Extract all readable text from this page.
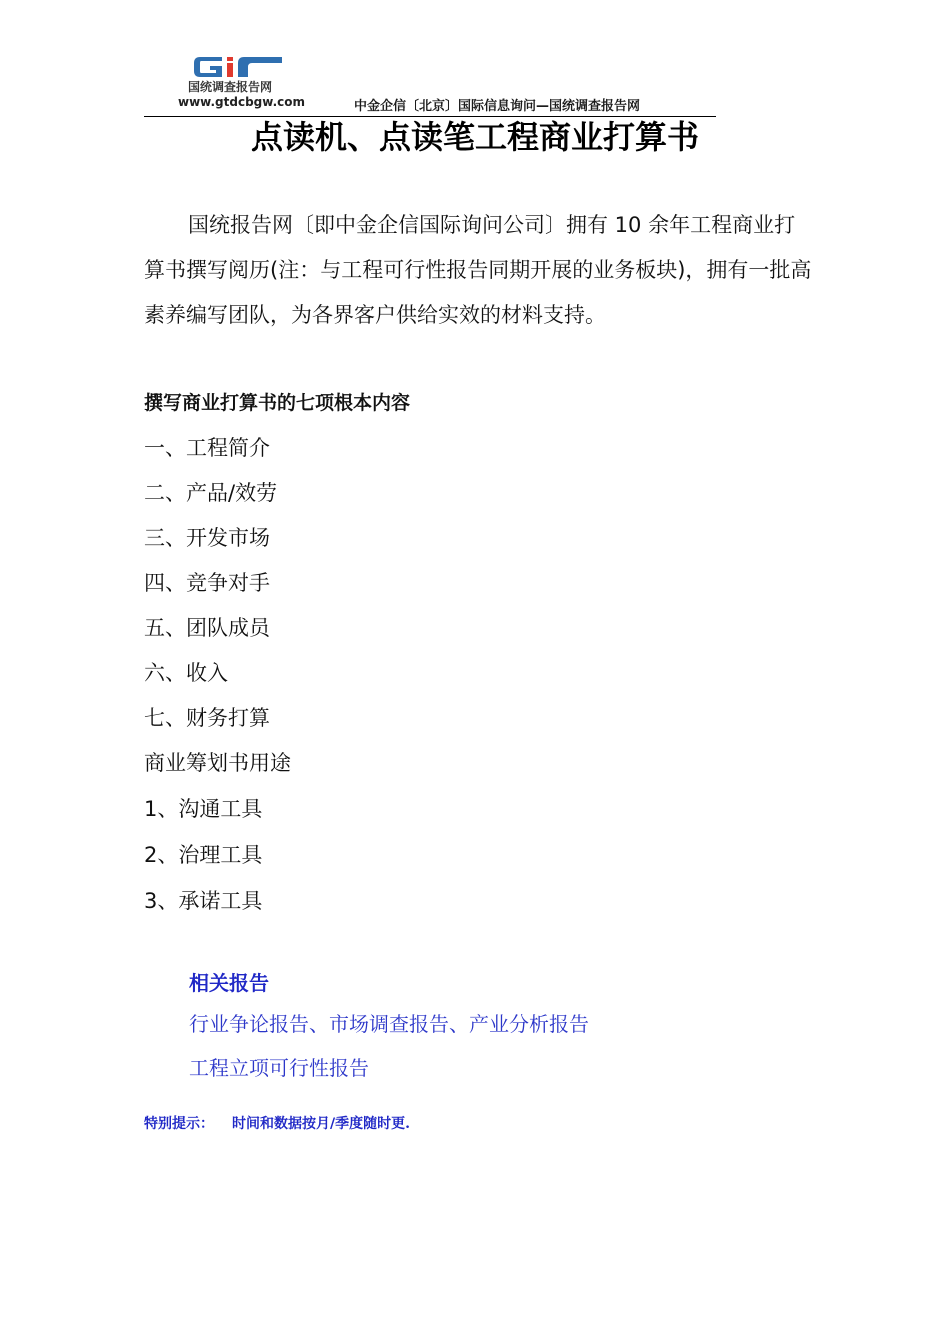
国统调查报告网
www.gtdcbgw.com	中金企信〔北京〕国际信息询问—国统调查报告网
点读机、点读笔工程商业打算书

国统报告网〔即中金企信国际询问公司〕拥有 10 余年工程商业打算书撰写阅历(注：与工程可行性报告同期开展的业务板块)，拥有一批高素养编写团队，为各界客户供给实效的材料支持。

撰写商业打算书的七项根本内容
一、工程简介
二、产品/效劳
三、开发市场
四、竞争对手
五、团队成员
六、收入
七、财务打算
商业筹划书用途
1、沟通工具
2、治理工具
3、承诺工具
相关报告
行业争论报告、市场调查报告、产业分析报告
工程立项可行性报告
特别提示： 时间和数据按月/季度随时更.
